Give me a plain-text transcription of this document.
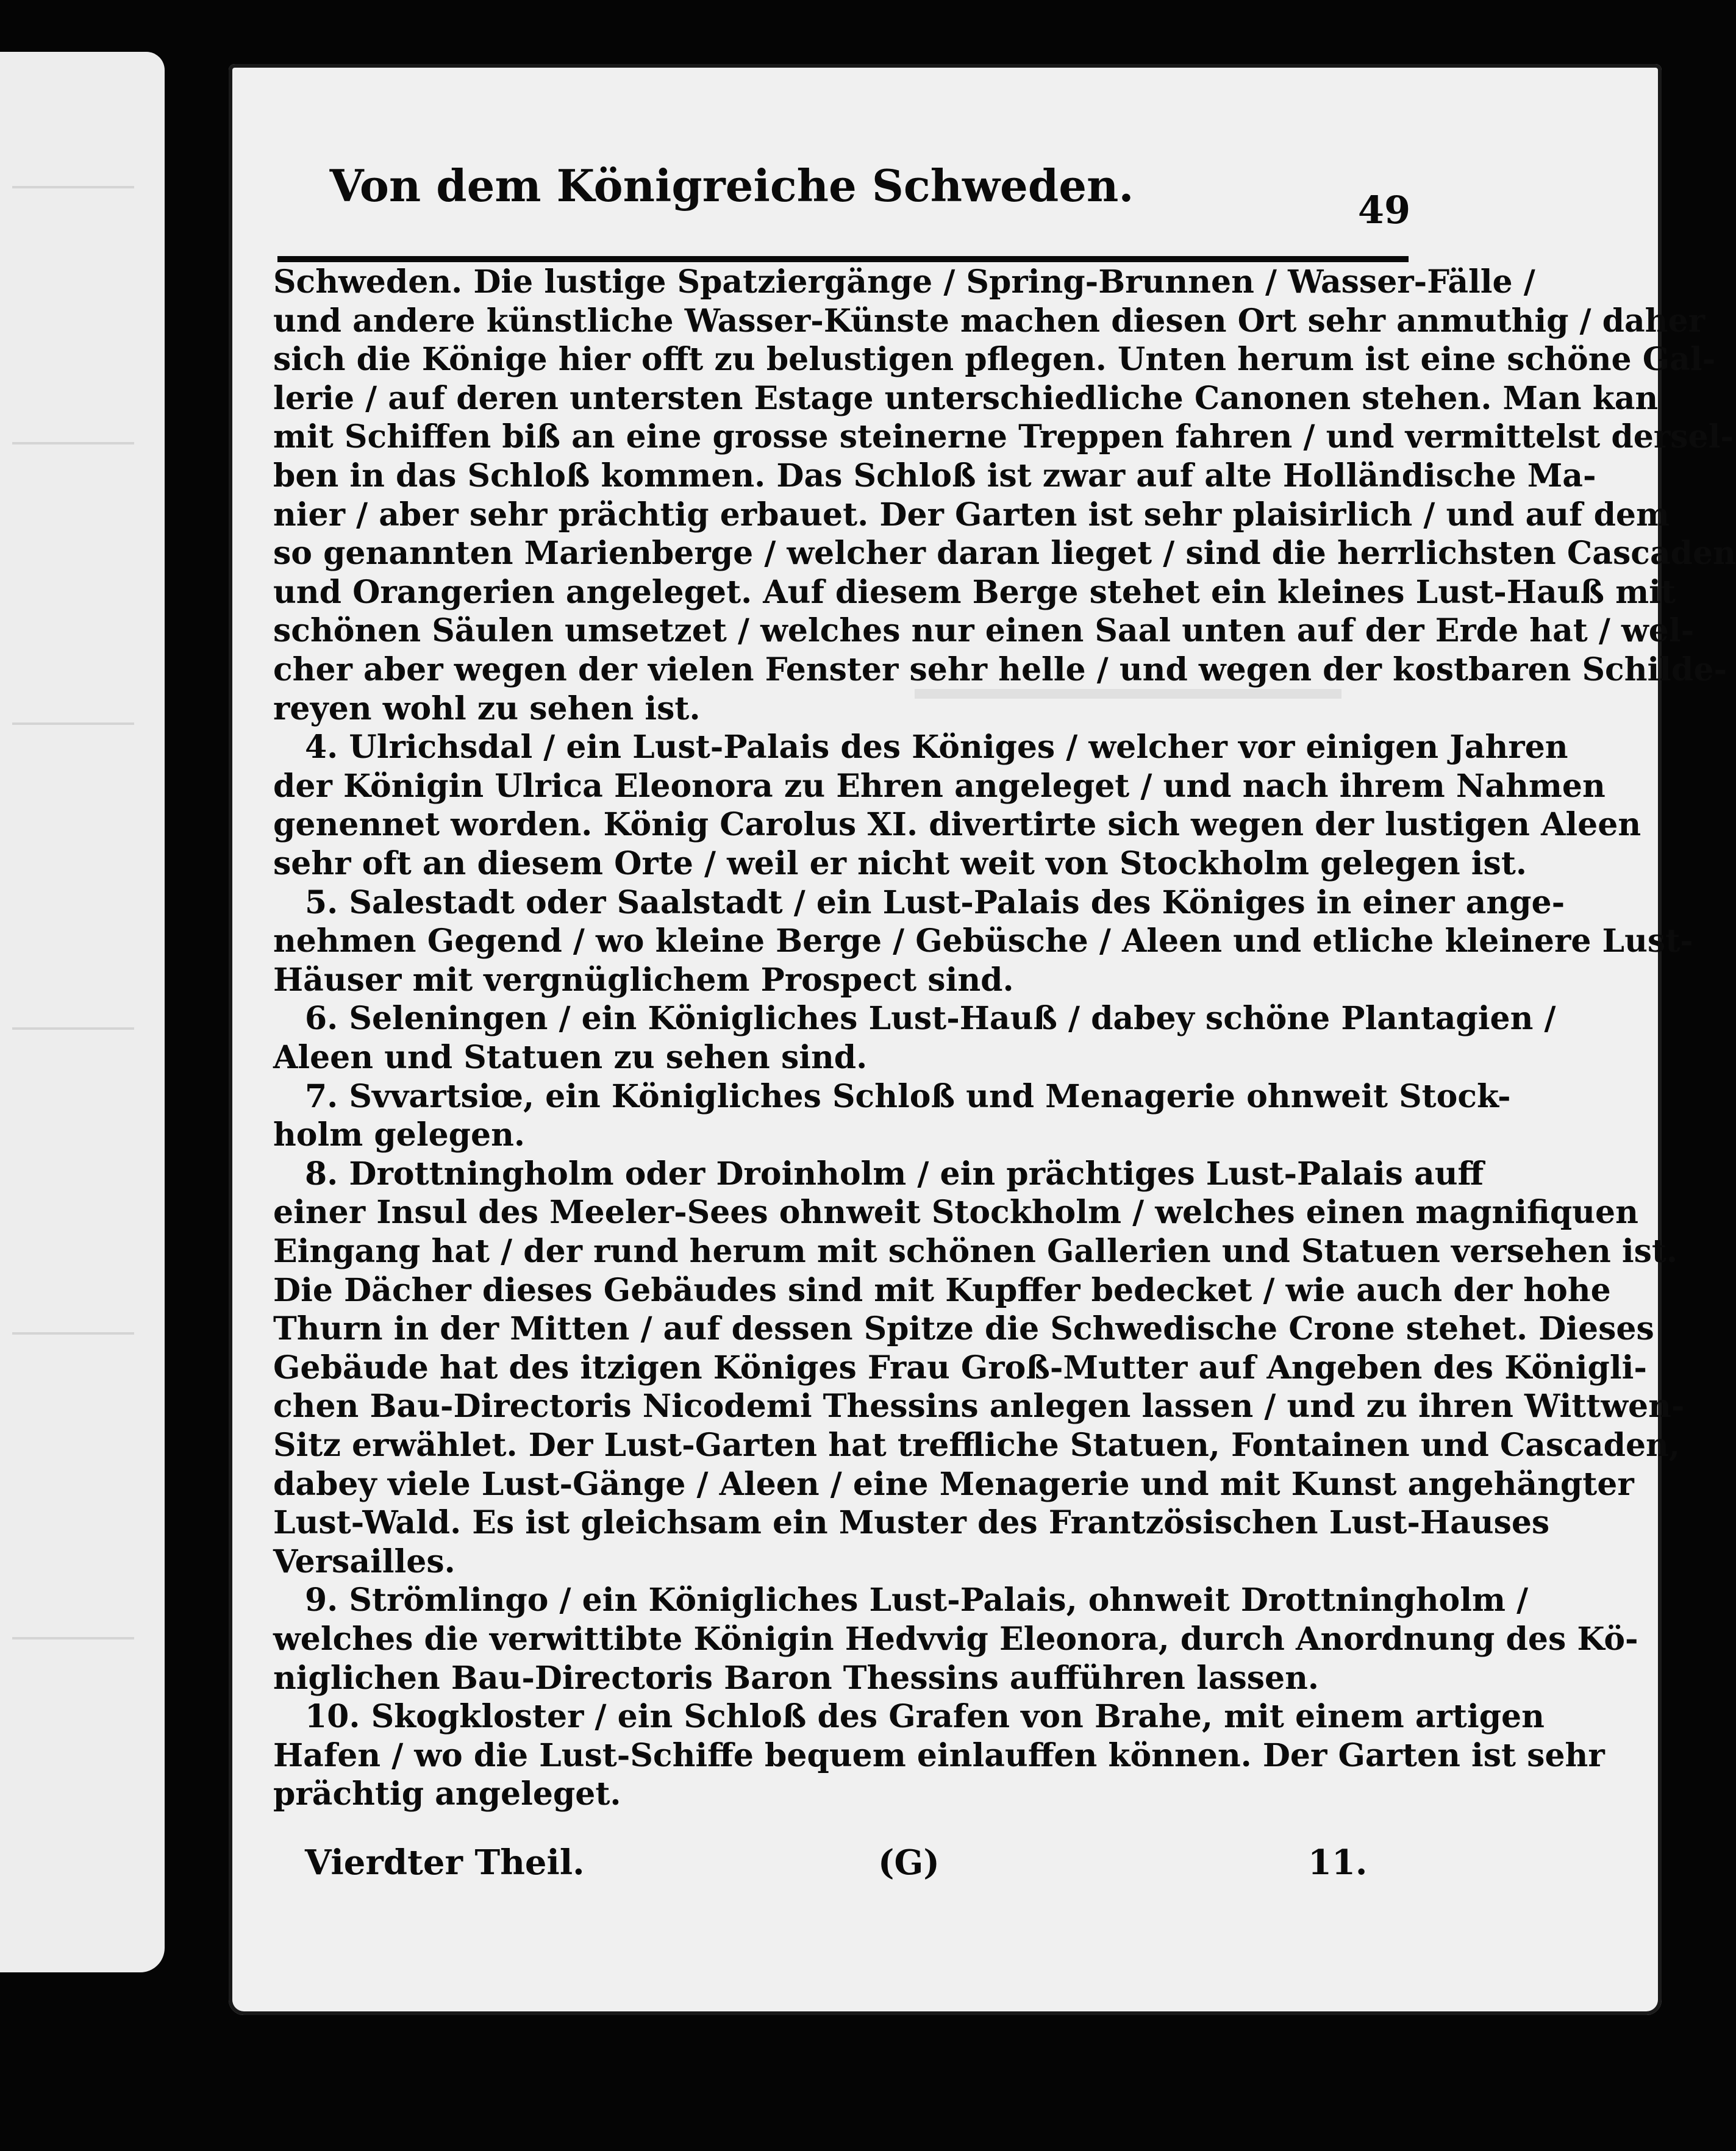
Von dem Königreiche Schweden.	49
Schweden. Die lustige Spatziergänge / Spring-Brunnen / Wasser-Fälle /
und andere künstliche Wasser-Künste machen diesen Ort sehr anmuthig / daher
sich die Könige hier offt zu belustigen pflegen. Unten herum ist eine schöne Gal-
lerie / auf deren untersten Estage unterschiedliche Canonen stehen. Man kan
mit Schiffen biß an eine grosse steinerne Treppen fahren / und vermittelst dersel-
ben in das Schloß kommen. Das Schloß ist zwar auf alte Holländische Ma-
nier / aber sehr prächtig erbauet. Der Garten ist sehr plaisirlich / und auf dem
so genannten Marienberge / welcher daran lieget / sind die herrlichsten Cascaden
und Orangerien angeleget. Auf diesem Berge stehet ein kleines Lust-Hauß mit
schönen Säulen umsetzet / welches nur einen Saal unten auf der Erde hat / wel-
cher aber wegen der vielen Fenster sehr helle / und wegen der kostbaren Schilde-
reyen wohl zu sehen ist.
4. Ulrichsdal / ein Lust-Palais des Königes / welcher vor einigen Jahren
der Königin Ulrica Eleonora zu Ehren angeleget / und nach ihrem Nahmen
genennet worden. König Carolus XI. divertirte sich wegen der lustigen Aleen
sehr oft an diesem Orte / weil er nicht weit von Stockholm gelegen ist.
5. Salestadt oder Saalstadt / ein Lust-Palais des Königes in einer ange-
nehmen Gegend / wo kleine Berge / Gebüsche / Aleen und etliche kleinere Lust-
Häuser mit vergnüglichem Prospect sind.
6. Seleningen / ein Königliches Lust-Hauß / dabey schöne Plantagien /
Aleen und Statuen zu sehen sind.
7. Svvartsiœ, ein Königliches Schloß und Menagerie ohnweit Stock-
holm gelegen.
8. Drottningholm oder Droinholm / ein prächtiges Lust-Palais auff
einer Insul des Meeler-Sees ohnweit Stockholm / welches einen magnifiquen
Eingang hat / der rund herum mit schönen Gallerien und Statuen versehen ist.
Die Dächer dieses Gebäudes sind mit Kupffer bedecket / wie auch der hohe
Thurn in der Mitten / auf dessen Spitze die Schwedische Crone stehet. Dieses
Gebäude hat des itzigen Königes Frau Groß-Mutter auf Angeben des Königli-
chen Bau-Directoris Nicodemi Thessins anlegen lassen / und zu ihren Wittwen-
Sitz erwählet. Der Lust-Garten hat treffliche Statuen, Fontainen und Cascaden,
dabey viele Lust-Gänge / Aleen / eine Menagerie und mit Kunst angehängter
Lust-Wald. Es ist gleichsam ein Muster des Frantzösischen Lust-Hauses
Versailles.
9. Strömlingo / ein Königliches Lust-Palais, ohnweit Drottningholm /
welches die verwittibte Königin Hedvvig Eleonora, durch Anordnung des Kö-
niglichen Bau-Directoris Baron Thessins aufführen lassen.
10. Skogkloster / ein Schloß des Grafen von Brahe, mit einem artigen
Hafen / wo die Lust-Schiffe bequem einlauffen können. Der Garten ist sehr
prächtig angeleget.
Vierdter Theil.	(G)	11.
